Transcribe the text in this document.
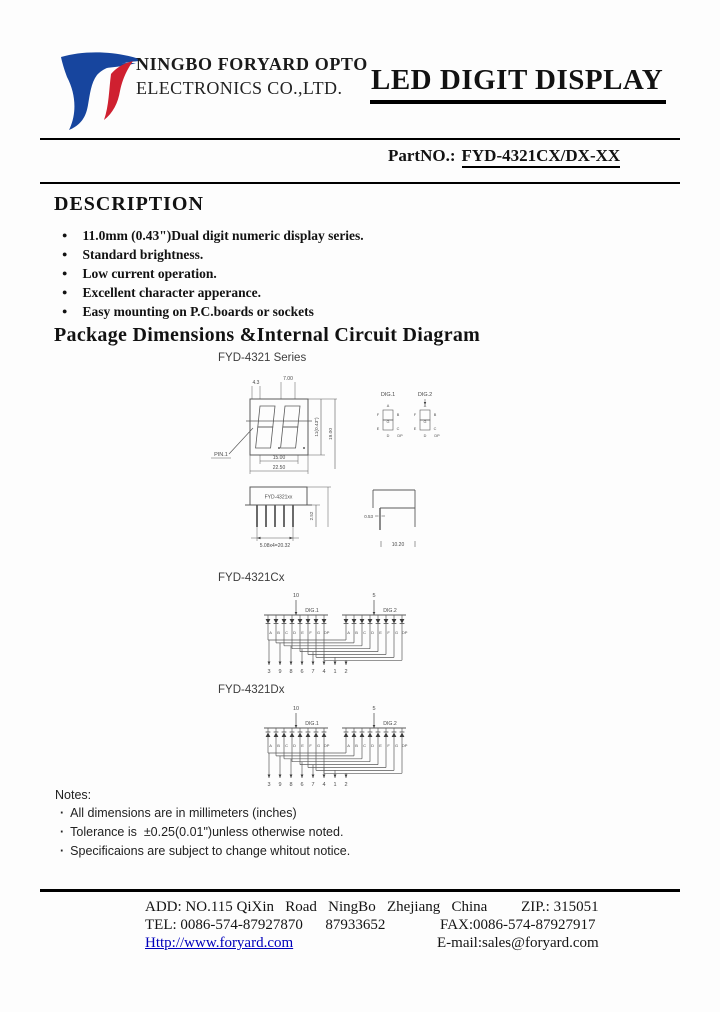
NINGBO FORYARD OPTO
ELECTRONICS CO.,LTD. LED DIGIT DISPLAY
PartNO.: FYD-4321CX/DX-XX
DESCRIPTION
● 11.0mm (0.43")Dual digit numeric display series.
● Standard brightness.
● Low current operation.
● Excellent character apperance.
● Easy mounting on P.C.boards or sockets
Package Dimensions &Internal Circuit Diagram
FYD-4321 Series
4.3
7.00
11(0.43") 19.00
PIN.1	15.00
22.50
DIG.1	DIG.2
A
F	B
G
E	C
D DP
A
F	B
G
E	C
D DP
FYD-4321xx
2.52
5.08x4=20.32
0.53
10.20
FYD-4321Cx
10	5
DIG.1	DIG.2
A	A
3
B	B
9
C	C
8
D	D
6
E	E
7
F	F
4
G	G
1
DP	DP
2
FYD-4321Dx
10	5
DIG.1	DIG.2
A	A
3
B	B
9
C	C
8
D	D
6
E	E
7
F	F
4
G	G
1
DP	DP
2
Notes:
· All dimensions are in millimeters (inches)
· Tolerance is  ±0.25(0.01")unless otherwise noted.
· Specificaions are subject to change whitout notice.
ADD: NO.115 QiXin   Road   NingBo   Zhejiang   China         ZIP.: 315051
TEL: 0086-574-87927870      87933652	FAX:0086-574-87927917
Http://www.foryard.com	E-mail:sales@foryard.com
